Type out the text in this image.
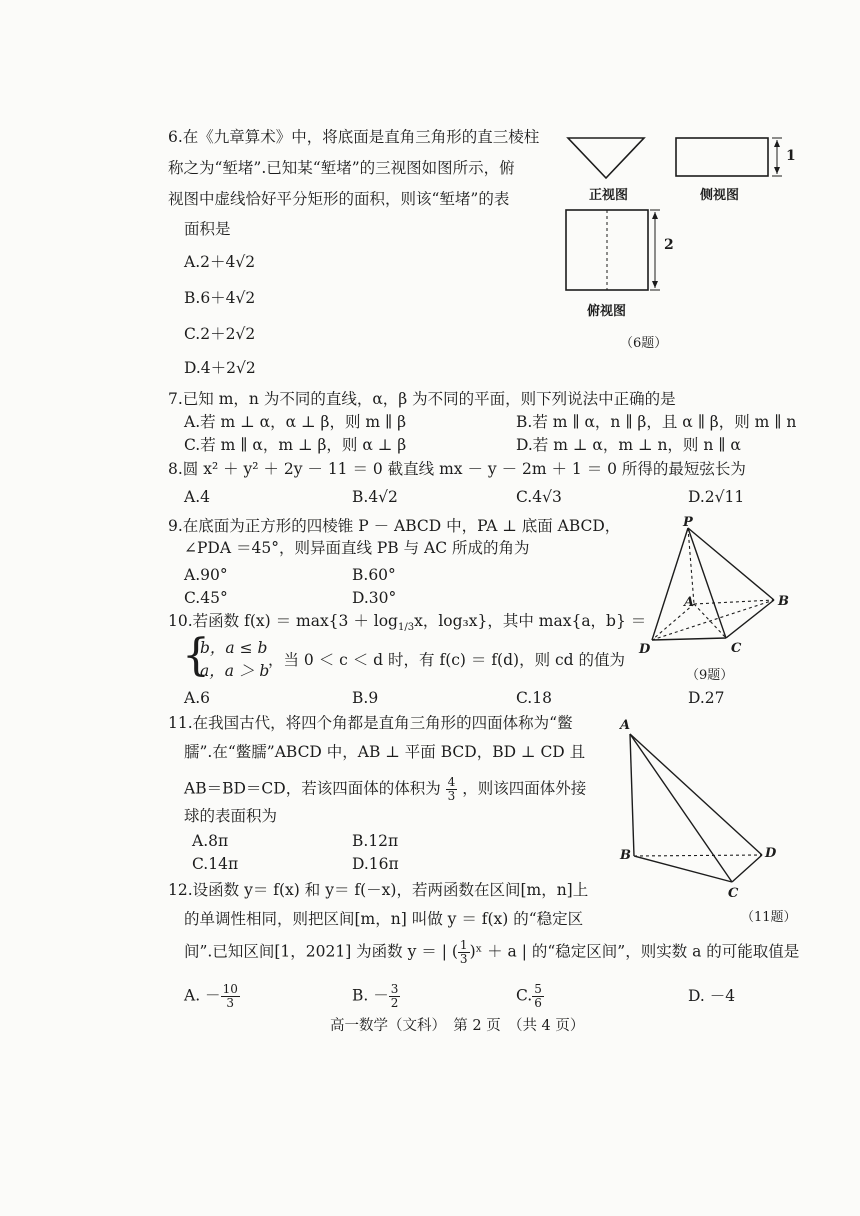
6.在《九章算术》中，将底面是直角三角形的直三棱柱
称之为“堑堵”.已知某“堑堵”的三视图如图所示，俯
视图中虚线恰好平分矩形的面积，则该“堑堵”的表
面积是
A.2＋4√2
B.6＋4√2
C.2＋2√2
D.4＋2√2
正视图	侧视图
俯视图
1
2
（6题）
7.已知 m，n 为不同的直线，α，β 为不同的平面，则下列说法中正确的是
A.若 m ⊥ α，α ⊥ β，则 m ∥ β	B.若 m ∥ α，n ∥ β，且 α ∥ β，则 m ∥ n
C.若 m ∥ α，m ⊥ β，则 α ⊥ β	D.若 m ⊥ α，m ⊥ n，则 n ∥ α
8.圆 x² ＋ y² ＋ 2y － 11 ＝ 0 截直线 mx － y － 2m ＋ 1 ＝ 0 所得的最短弦长为
A.4	B.4√2	C.4√3	D.2√11
9.在底面为正方形的四棱锥 P － ABCD 中，PA ⊥ 底面 ABCD，
∠PDA ＝45°，则异面直线 PB 与 AC 所成的角为
A.90°	B.60°
C.45°	D.30°
P
A	B
C
D
（9题）
10.若函数 $f(x) = \max\{3 + \log_{1/3}x$，log₃x}，其中 max{a，b} ＝
{
b，a ≤ b
a，a ＞ b
，当 0 ＜ c ＜ d 时，有 f(c) ＝ f(d)，则 cd 的值为
A.6	B.9	C.18	D.27
11.在我国古代，将四个角都是直角三角形的四面体称为“鳖
臑”.在“鳖臑”ABCD 中，AB ⊥ 平面 BCD，BD ⊥ CD 且
AB＝BD＝CD，若该四面体的体积为 $\frac{4}{3}$ ，则该四面体外接
球的表面积为
A.8π	B.12π
C.14π	D.16π
A
B
C
D
（11题）
12.设函数 y＝ f(x) 和 y＝ f(－x)，若两函数在区间[m，n]上
的单调性相同，则把区间[m，n] 叫做 y ＝ f(x) 的“稳定区
间”.已知区间[1，2021] 为函数 y ＝ | ( $\frac{1}{3}$ )ˣ ＋ a | 的“稳定区间”，则实数 a 的可能取值是
A. － $\frac{10}{3}$	B. － $\frac{3}{2}$	C. $\frac{5}{6}$	D. －4
高一数学（文科）　第 2 页　（共 4 页）
